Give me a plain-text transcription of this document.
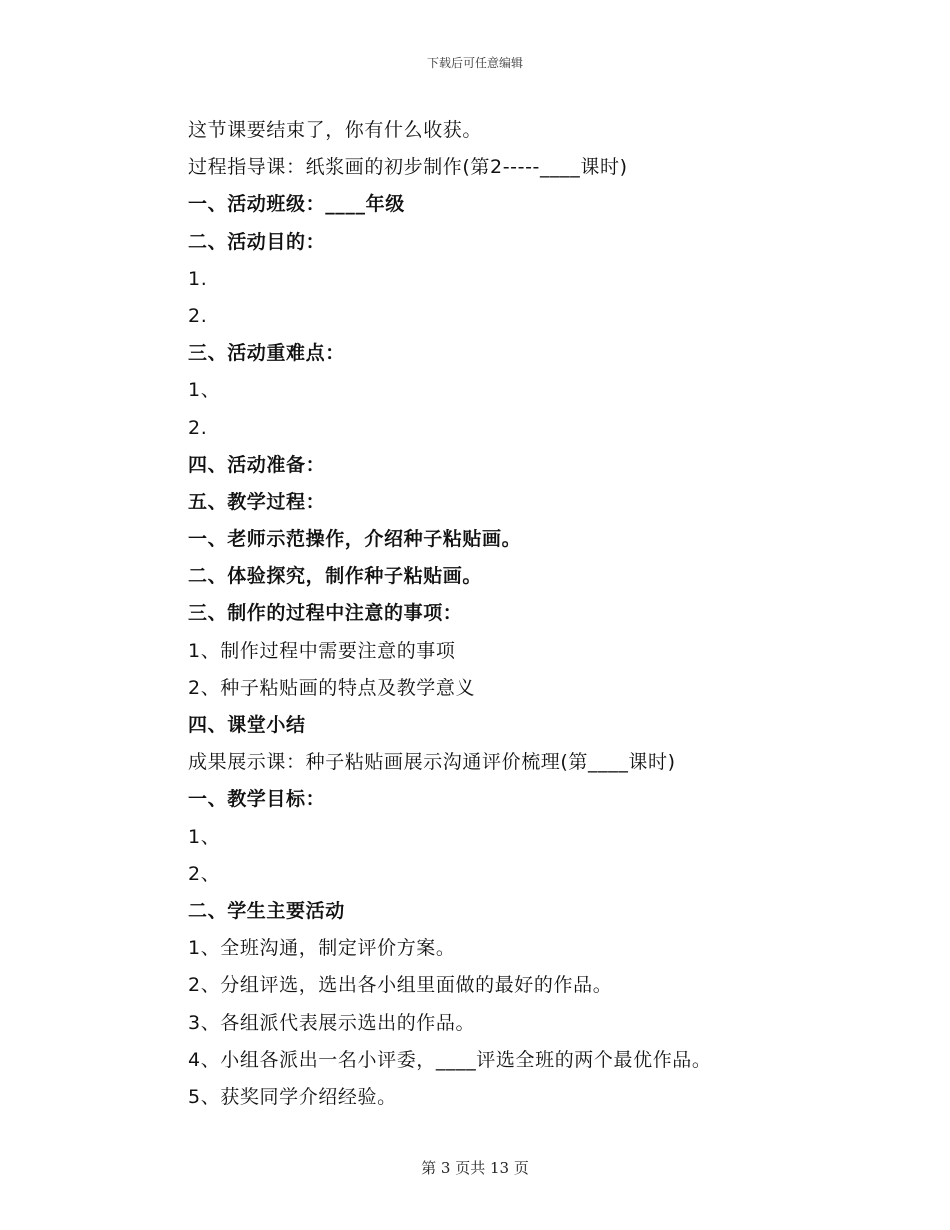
下载后可任意编辑
这节课要结束了，你有什么收获。
过程指导课：纸浆画的初步制作(第2-----____课时)
一、活动班级：____年级
二、活动目的：
1.
2.
三、活动重难点：
1、
2.
四、活动准备：
五、教学过程：
一、老师示范操作，介绍种子粘贴画。
二、体验探究，制作种子粘贴画。
三、制作的过程中注意的事项：
1、制作过程中需要注意的事项
2、种子粘贴画的特点及教学意义
四、课堂小结
成果展示课：种子粘贴画展示沟通评价梳理(第____课时)
一、教学目标：
1、
2、
二、学生主要活动
1、全班沟通，制定评价方案。
2、分组评选，选出各小组里面做的最好的作品。
3、各组派代表展示选出的作品。
4、小组各派出一名小评委，____评选全班的两个最优作品。
5、获奖同学介绍经验。
第 3 页共 13 页
